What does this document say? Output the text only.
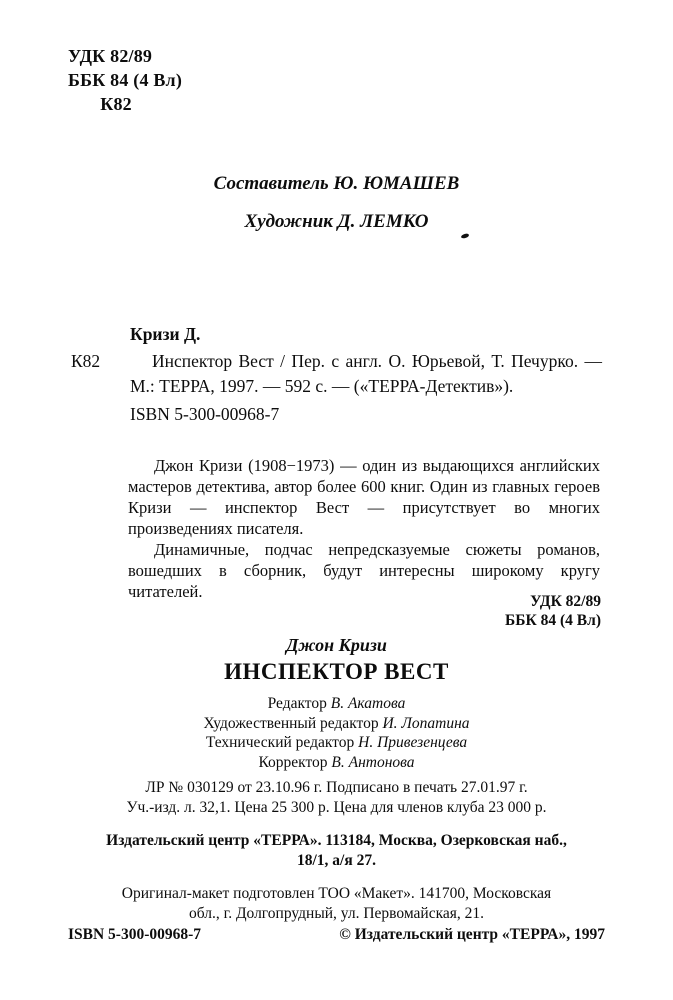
УДК 82/89
ББК 84 (4 Вл)
К82
Составитель Ю. ЮМАШЕВ
Художник Д. ЛЕМКО
Кризи Д.
К82	Инспектор Вест / Пер. с англ. О. Юрьевой, Т. Печурко. — М.: ТЕРРА, 1997. — 592 с. — («ТЕРРА-Детектив»).
ISBN 5-300-00968-7

Джон Кризи (1908−1973) — один из выдающихся английских мастеров детектива, автор более 600 книг. Один из главных героев Кризи — инспектор Вест — присутствует во многих произведениях писателя.

Динамичные, подчас непредсказуемые сюжеты романов, вошедших в сборник, будут интересны широкому кругу читателей.

УДК 82/89
ББК 84 (4 Вл)
Джон Кризи
ИНСПЕКТОР ВЕСТ
Редактор В. Акатова
Художественный редактор И. Лопатина
Технический редактор Н. Привезенцева
Корректор В. Антонова
ЛР № 030129 от 23.10.96 г. Подписано в печать 27.01.97 г.
Уч.-изд. л. 32,1. Цена 25 300 р. Цена для членов клуба 23 000 р.
Издательский центр «ТЕРРА». 113184, Москва, Озерковская наб.,
18/1, а/я 27.
Оригинал-макет подготовлен ТОО «Макет». 141700, Московская
обл., г. Долгопрудный, ул. Первомайская, 21.
ISBN 5-300-00968-7	© Издательский центр «ТЕРРА», 1997
